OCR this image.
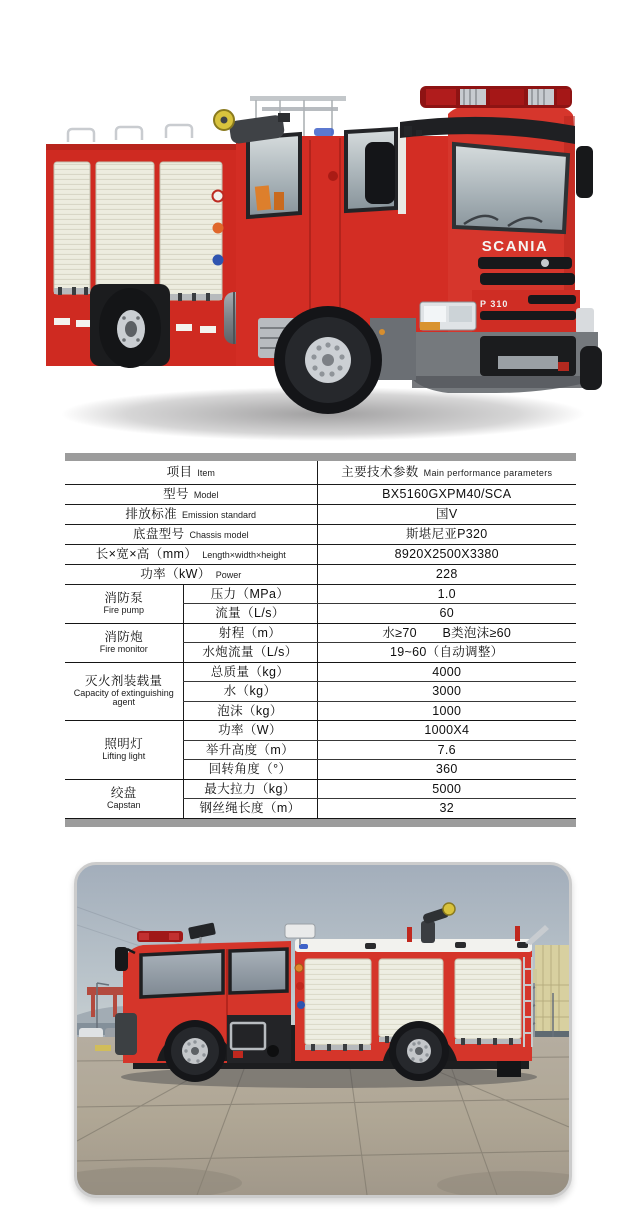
SCANIA
P 310
项目 Item		主要技术参数 Main performance parameters
型号 Model		BX5160GXPM40/SCA
排放标准 Emission standard		国V
底盘型号 Chassis model		斯堪尼亚P320
长×宽×高（mm） Length×width×height		8920X2500X3380
功率（kW） Power		228

消防泵
Fire pump	压力（MPa）	1.0
	流量（L/s）	60

消防炮
Fire monitor	射程（m）	水≥70　　B类泡沫≥60
	水炮流量（L/s）	19~60（自动调整）

灭火剂装载量
Capacity of extinguishing agent	总质量（kg）	4000
	水（kg）	3000
	泡沫（kg）	1000

照明灯
Lifting light	功率（W）	1000X4
	举升高度（m）	7.6
	回转角度（°）	360

绞盘
Capstan	最大拉力（kg）	5000
	钢丝绳长度（m）	32
